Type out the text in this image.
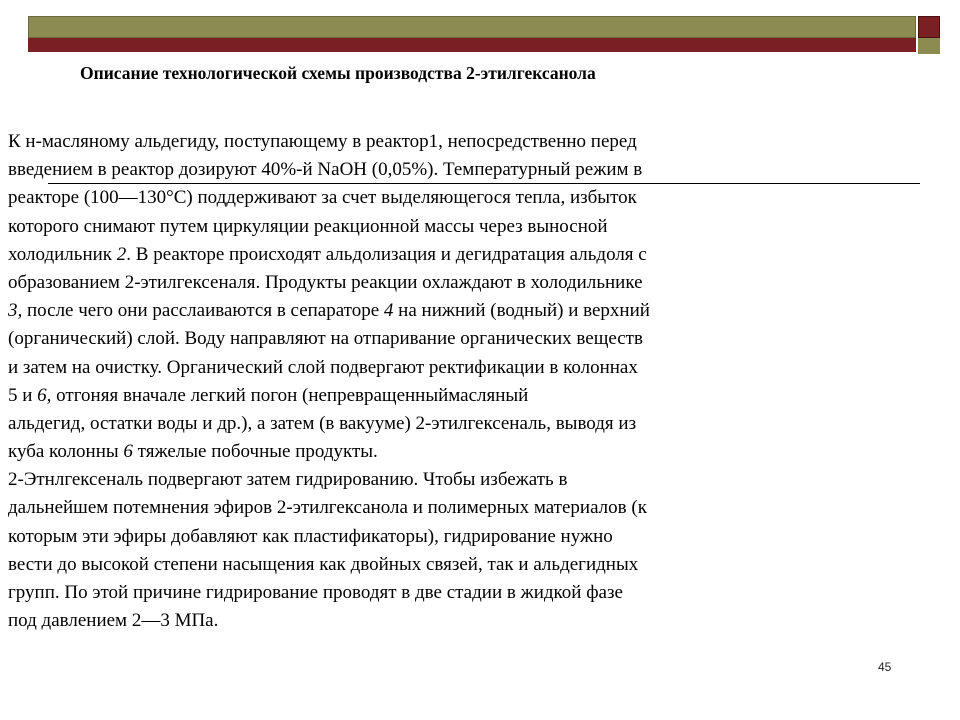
Описание технологической схемы производства 2-этилгексанола
К н-масляному альдегиду, поступающему в реактор1, непосредственно перед
введением в реактор дозируют 40%-й NaOH (0,05%). Температурный режим в
реакторе (100—130°С) поддерживают за счет выделяющегося тепла, избыток
которого снимают путем циркуляции реакционной массы через выносной
холодильник 2. В реакторе происходят альдолизация и дегидратация альдоля с
образованием 2-этилгексеналя. Продукты реакции охлаждают в холодильнике
3, после чего они расслаиваются в сепараторе 4 на нижний (водный) и верхний
(органический) слой. Воду направляют на отпаривание органических веществ
и затем на очистку. Органический слой подвергают ректификации в колоннах
5 и 6, отгоняя вначале легкий погон (непревращенныймасляный
альдегид, остатки воды и др.), а затем (в вакууме) 2-этилгексеналь, выводя из
куба колонны 6 тяжелые побочные продукты.
2-Этнлгексеналь подвергают затем гидрированию. Чтобы избежать в
дальнейшем потемнения эфиров 2-этилгексанола и полимерных материалов (к
которым эти эфиры добавляют как пластификаторы), гидрирование нужно
вести до высокой степени насыщения как двойных связей, так и альдегидных
групп. По этой причине гидрирование проводят в две стадии в жидкой фазе
под давлением 2—3 МПа.
45
